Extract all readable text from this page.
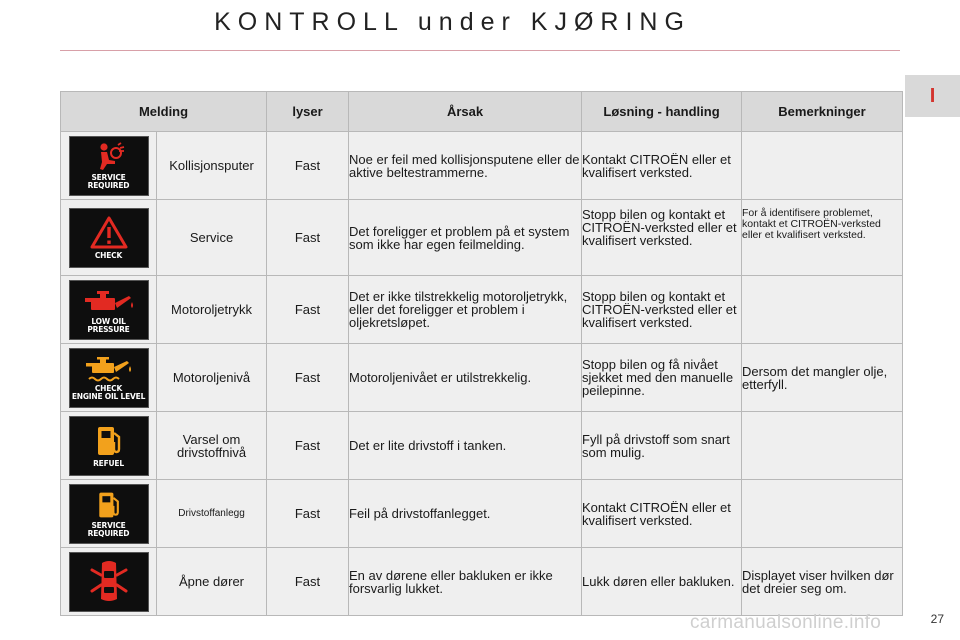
KONTROLL under KJØRING
I
Melding		lyser	Årsak	Løsning - handling	Bemerkninger

SERVICE
REQUIRED	Kollisjonsputer	Fast	Noe er feil med kollisjonsputene eller de aktive beltestrammerne.	Kontakt CITROËN eller et kvalifisert verksted.	

CHECK	Service	Fast	Det foreligger et problem på et system som ikke har egen feilmelding.	Stopp bilen og kontakt et CITROËN-verksted eller et kvalifisert verksted.	For å identifisere problemet, kontakt et CITROËN-verksted eller et kvalifisert verksted.

LOW OIL PRESSURE	Motoroljetrykk	Fast	Det er ikke tilstrekkelig motoroljetrykk, eller det foreligger et problem i oljekretsløpet.	Stopp bilen og kontakt et CITROËN-verksted eller et kvalifisert verksted.	

CHECK
ENGINE OIL LEVEL	Motoroljenivå	Fast	Motoroljenivået er utilstrekkelig.	Stopp bilen og få nivået sjekket med den manuelle peilepinne.	Dersom det mangler olje, etterfyll.

REFUEL	Varsel om drivstoffnivå	Fast	Det er lite drivstoff i tanken.	Fyll på drivstoff som snart som mulig.	

SERVICE
REQUIRED	Drivstoffanlegg	Fast	Feil på drivstoffanlegget.	Kontakt CITROËN eller et kvalifisert verksted.	

	Åpne dører	Fast	En av dørene eller bakluken er ikke forsvarlig lukket.	Lukk døren eller bakluken.	Displayet viser hvilken dør det dreier seg om.
carmanualsonline.info	27
